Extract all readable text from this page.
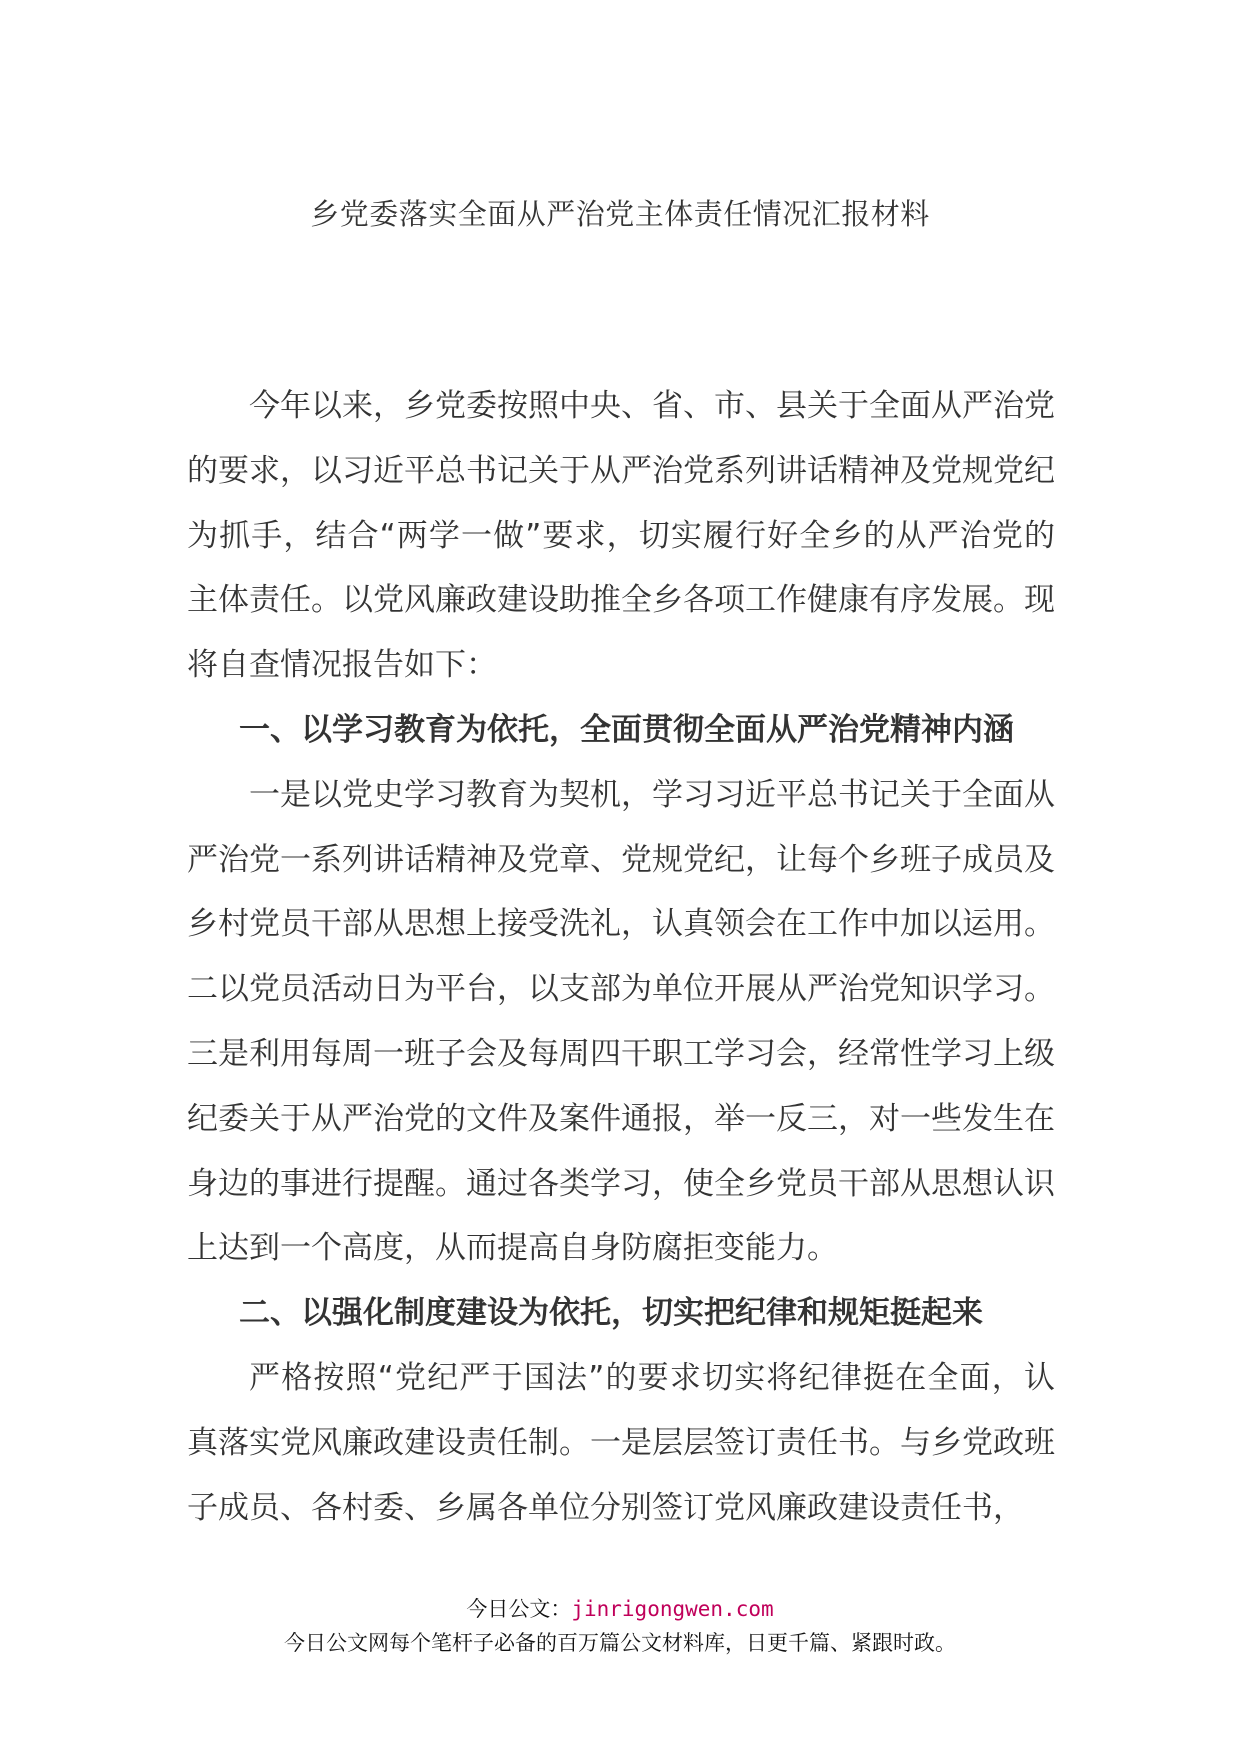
乡党委落实全面从严治党主体责任情况汇报材料

今年以来，乡党委按照中央、省、市、县关于全面从严治党的要求，以习近平总书记关于从严治党系列讲话精神及党规党纪为抓手，结合“两学一做”要求，切实履行好全乡的从严治党的主体责任。以党风廉政建设助推全乡各项工作健康有序发展。现将自查情况报告如下：

一、以学习教育为依托，全面贯彻全面从严治党精神内涵

一是以党史学习教育为契机，学习习近平总书记关于全面从严治党一系列讲话精神及党章、党规党纪，让每个乡班子成员及乡村党员干部从思想上接受洗礼，认真领会在工作中加以运用。二以党员活动日为平台，以支部为单位开展从严治党知识学习。三是利用每周一班子会及每周四干职工学习会，经常性学习上级纪委关于从严治党的文件及案件通报，举一反三，对一些发生在身边的事进行提醒。通过各类学习，使全乡党员干部从思想认识上达到一个高度，从而提高自身防腐拒变能力。

二、以强化制度建设为依托，切实把纪律和规矩挺起来

严格按照“党纪严于国法”的要求切实将纪律挺在全面，认真落实党风廉政建设责任制。一是层层签订责任书。与乡党政班子成员、各村委、乡属各单位分别签订党风廉政建设责任书，

今日公文：jinrigongwen.com
今日公文网每个笔杆子必备的百万篇公文材料库，日更千篇、紧跟时政。
